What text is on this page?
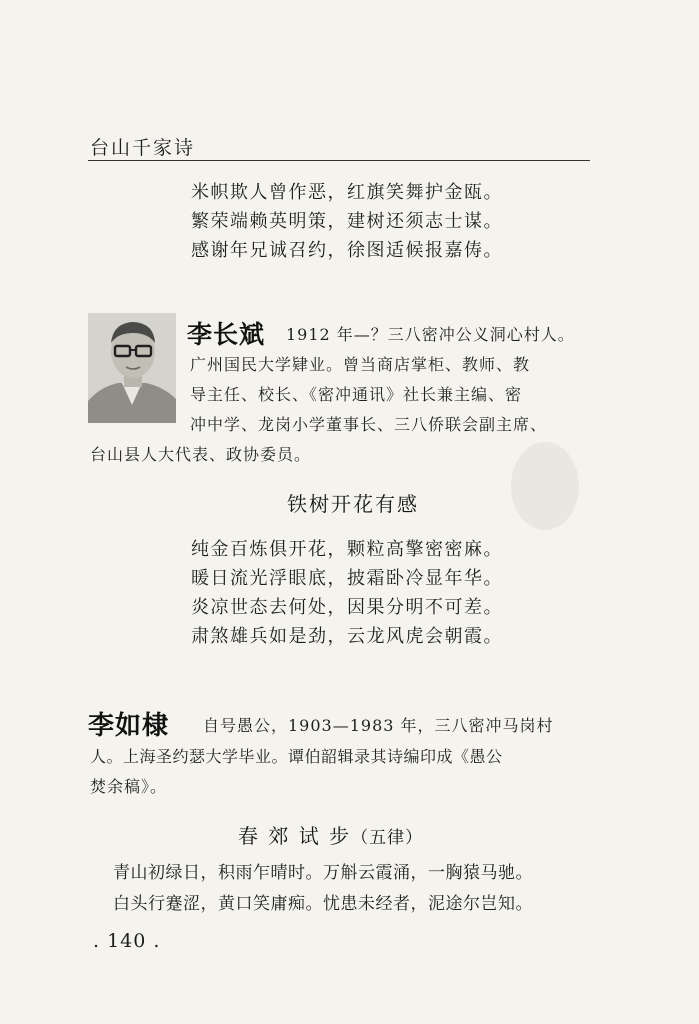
台山千家诗
米帜欺人曾作恶，红旗笑舞护金瓯。
繁荣端赖英明策，建树还须志士谋。
感谢年兄诚召约，徐图适候报嘉俦。
李长斌 1912 年—？三八密冲公义洞心村人。
广州国民大学肄业。曾当商店掌柜、教师、教
导主任、校长、《密冲通讯》社长兼主编、密
冲中学、龙岗小学董事长、三八侨联会副主席、
台山县人大代表、政协委员。
铁树开花有感
纯金百炼俱开花，颗粒高擎密密麻。
暖日流光浮眼底，披霜卧冷显年华。
炎凉世态去何处，因果分明不可差。
肃煞雄兵如是劲，云龙风虎会朝霞。
李如棣 自号愚公，1903—1983 年，三八密冲马岗村
人。上海圣约瑟大学毕业。谭伯韶辑录其诗编印成《愚公
焚余稿》。
春 郊 试 步（五律）
青山初绿日，积雨乍晴时。万斛云霞涌，一胸猿马驰。
白头行蹇涩，黄口笑庸痴。忧患未经者，泥途尔岂知。
. 140 .
